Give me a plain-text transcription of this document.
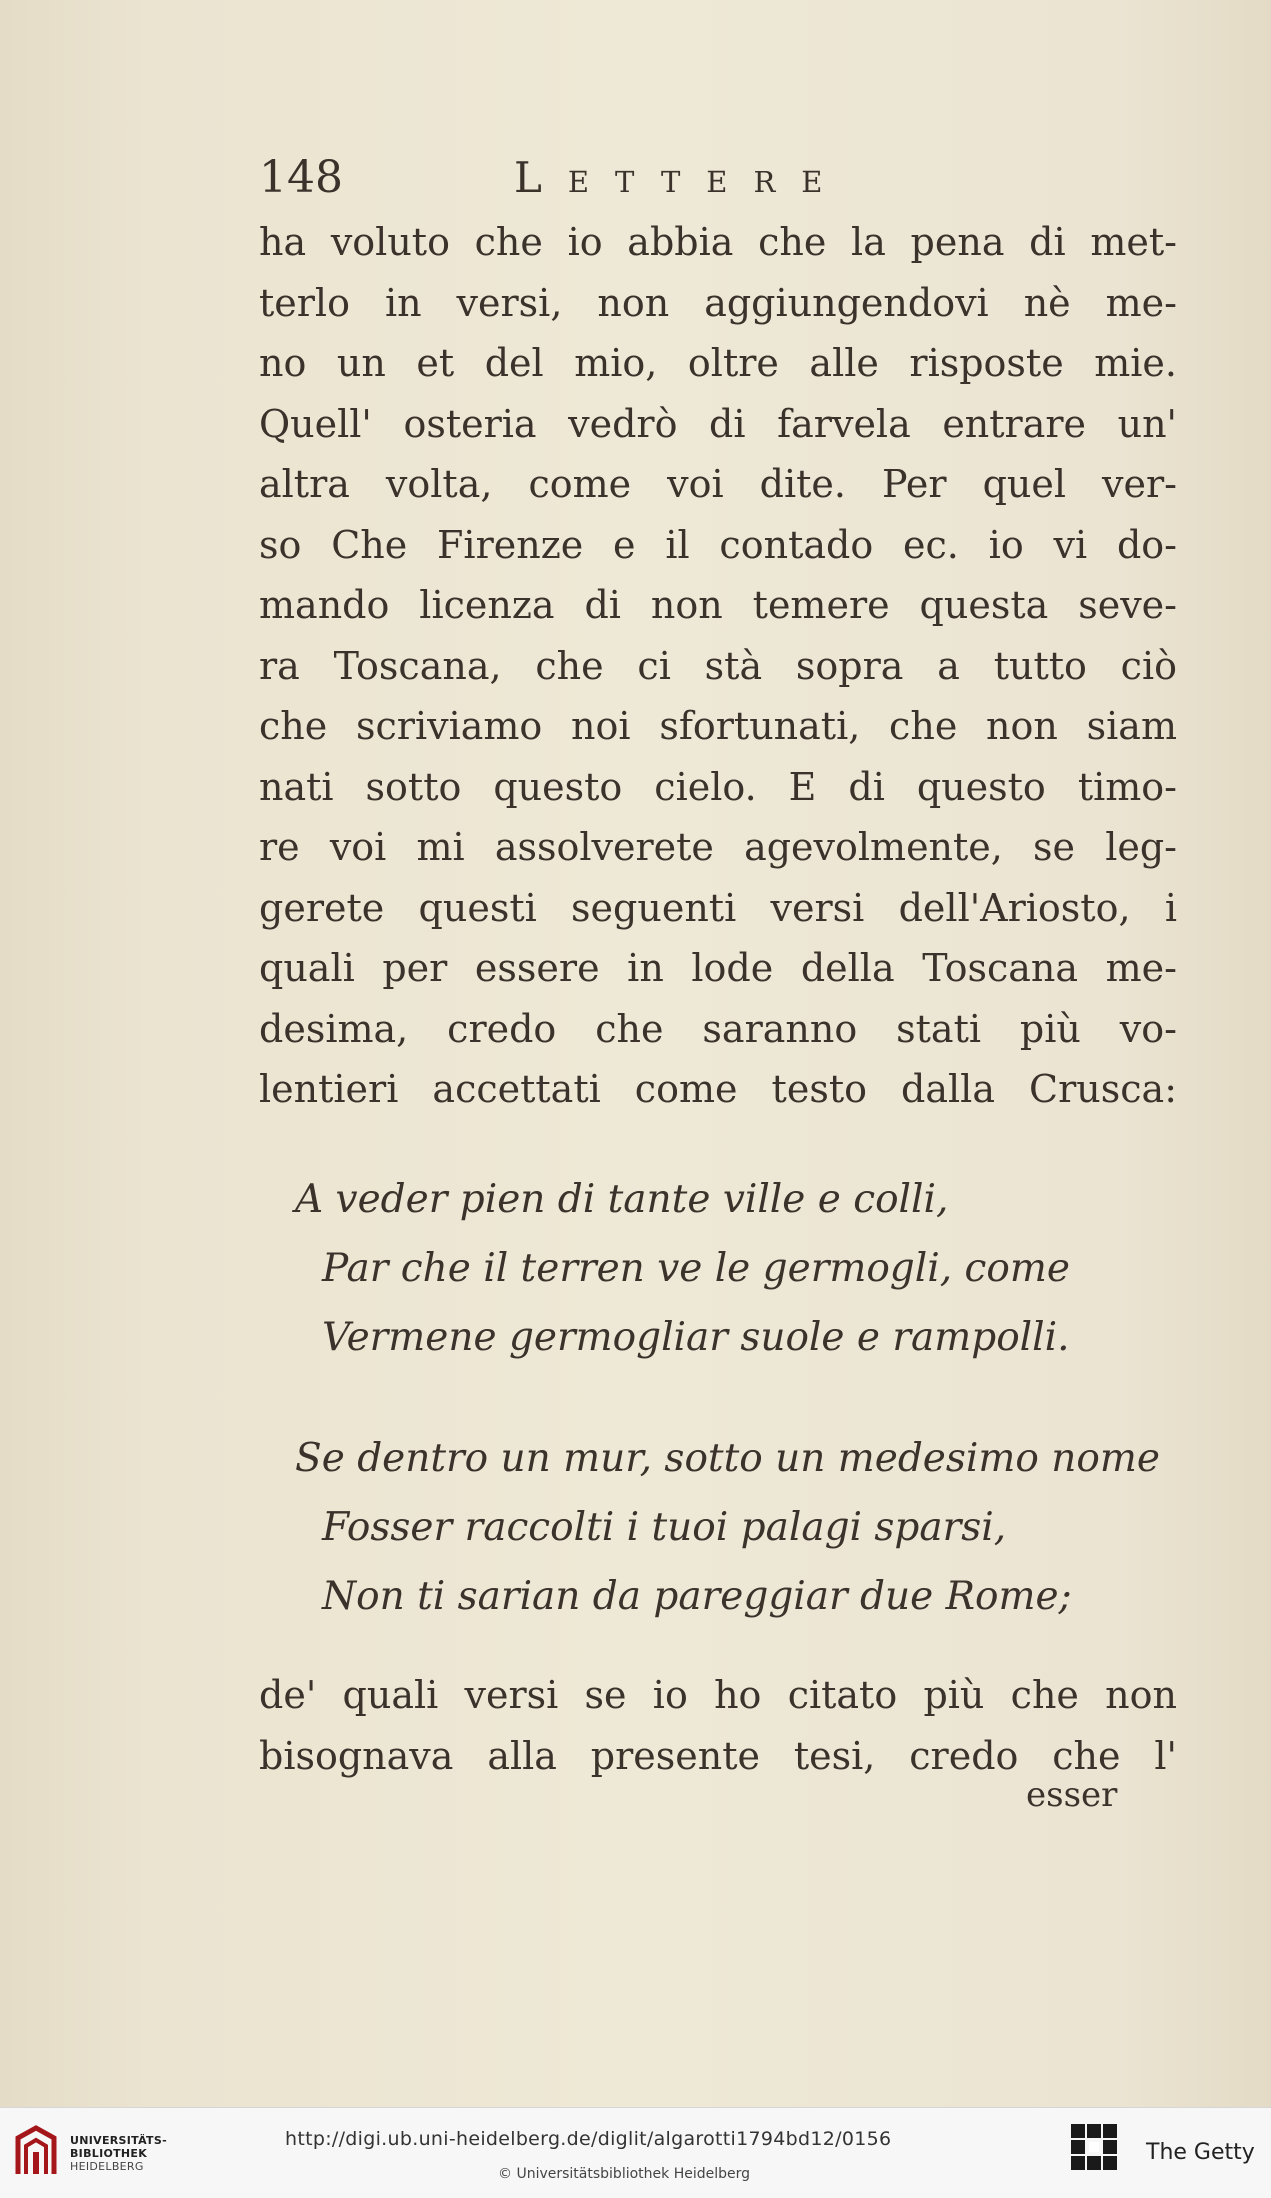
148	Lettere
ha voluto che io abbia che la pena di met-
terlo in versi, non aggiungendovi nè me-
no un et del mio, oltre alle risposte mie.
Quell' osteria vedrò di farvela entrare un'
altra volta, come voi dite. Per quel ver-
so Che Firenze e il contado ec. io vi do-
mando licenza di non temere questa seve-
ra Toscana, che ci stà sopra a tutto ciò
che scriviamo noi sfortunati, che non siam
nati sotto questo cielo. E di questo timo-
re voi mi assolverete agevolmente, se leg-
gerete questi seguenti versi dell'Ariosto, i
quali per essere in lode della Toscana me-
desima, credo che saranno stati più vo-
lentieri accettati come testo dalla Crusca:
A veder pien di tante ville e colli,
Par che il terren ve le germogli, come
Vermene germogliar suole e rampolli.
Se dentro un mur, sotto un medesimo nome
Fosser raccolti i tuoi palagi sparsi,
Non ti sarian da pareggiar due Rome;
de' quali versi se io ho citato più che non
bisognava alla presente tesi, credo che l'
esser
UNIVERSITÄTS-
BIBLIOTHEK
HEIDELBERG
http://digi.ub.uni-heidelberg.de/diglit/algarotti1794bd12/0156
© Universitätsbibliothek Heidelberg
The Getty
